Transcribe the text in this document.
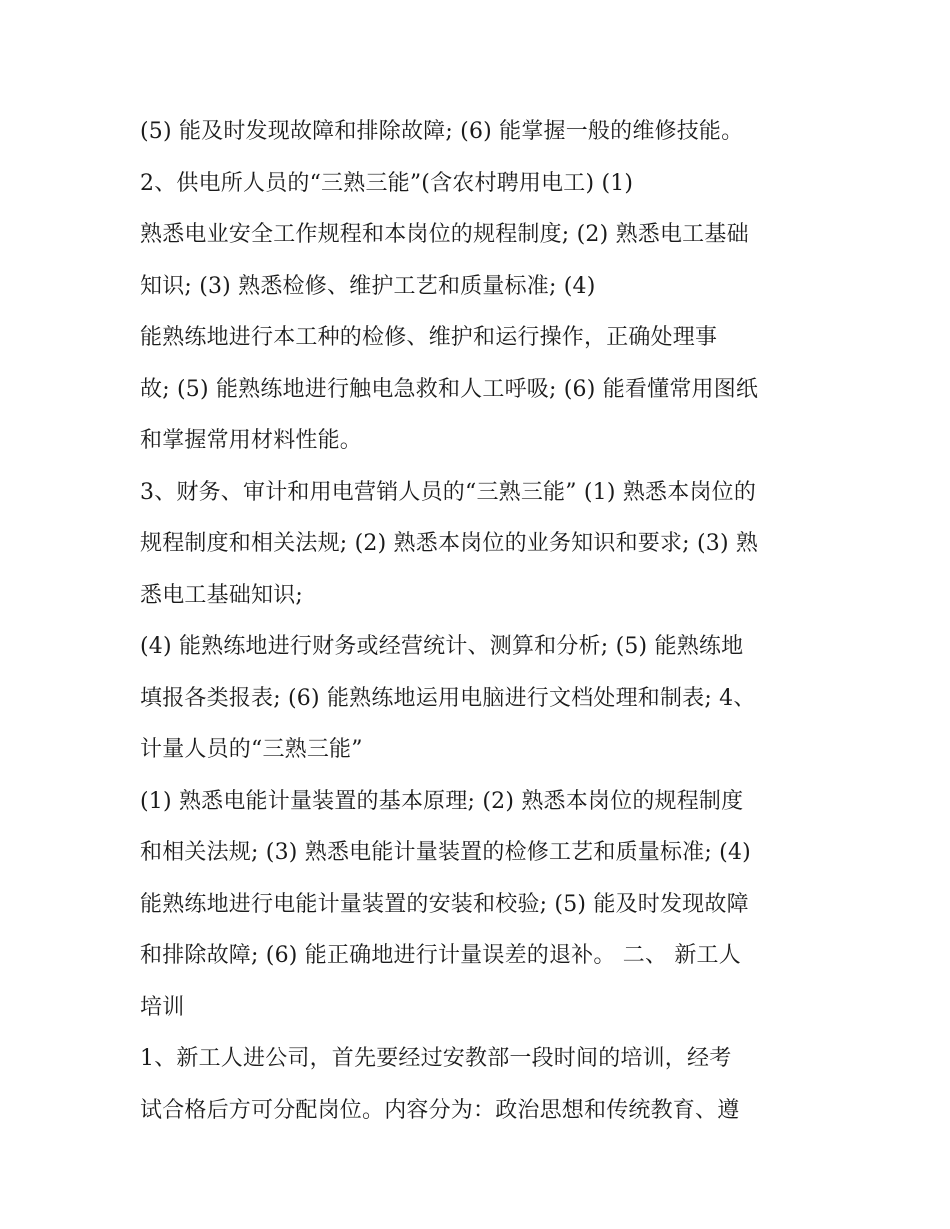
(5) 能及时发现故障和排除故障; (6) 能掌握一般的维修技能。
2、供电所人员的“三熟三能”(含农村聘用电工) (1)
熟悉电业安全工作规程和本岗位的规程制度; (2) 熟悉电工基础
知识; (3) 熟悉检修、维护工艺和质量标准; (4)
能熟练地进行本工种的检修、维护和运行操作，正确处理事
故; (5) 能熟练地进行触电急救和人工呼吸; (6) 能看懂常用图纸
和掌握常用材料性能。
3、财务、审计和用电营销人员的“三熟三能” (1) 熟悉本岗位的
规程制度和相关法规; (2) 熟悉本岗位的业务知识和要求; (3) 熟
悉电工基础知识;
(4) 能熟练地进行财务或经营统计、测算和分析; (5) 能熟练地
填报各类报表; (6) 能熟练地运用电脑进行文档处理和制表; 4、
计量人员的“三熟三能”
(1) 熟悉电能计量装置的基本原理; (2) 熟悉本岗位的规程制度
和相关法规; (3) 熟悉电能计量装置的检修工艺和质量标准; (4)
能熟练地进行电能计量装置的安装和校验; (5) 能及时发现故障
和排除故障; (6) 能正确地进行计量误差的退补。 二、 新工人
培训
1、新工人进公司，首先要经过安教部一段时间的培训，经考
试合格后方可分配岗位。内容分为：政治思想和传统教育、遵
